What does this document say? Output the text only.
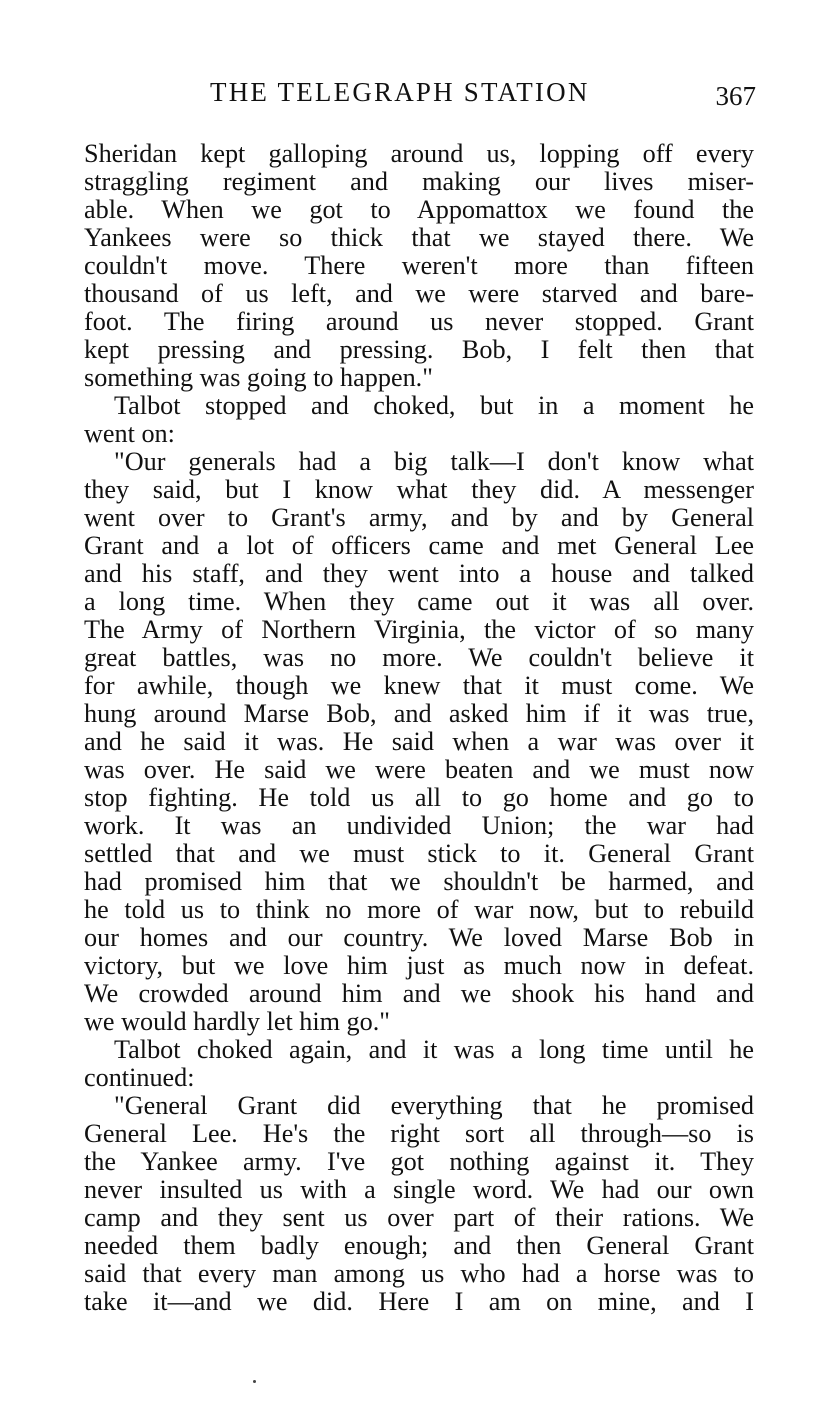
THE TELEGRAPH STATION	367
Sheridan kept galloping around us, lopping off every
straggling regiment and making our lives miser-
able. When we got to Appomattox we found the
Yankees were so thick that we stayed there. We
couldn't move. There weren't more than fifteen
thousand of us left, and we were starved and bare-
foot. The firing around us never stopped. Grant
kept pressing and pressing. Bob, I felt then that
something was going to happen."
Talbot stopped and choked, but in a moment he
went on:
"Our generals had a big talk—I don't know what
they said, but I know what they did. A messenger
went over to Grant's army, and by and by General
Grant and a lot of officers came and met General Lee
and his staff, and they went into a house and talked
a long time. When they came out it was all over.
The Army of Northern Virginia, the victor of so many
great battles, was no more. We couldn't believe it
for awhile, though we knew that it must come. We
hung around Marse Bob, and asked him if it was true,
and he said it was. He said when a war was over it
was over. He said we were beaten and we must now
stop fighting. He told us all to go home and go to
work. It was an undivided Union; the war had
settled that and we must stick to it. General Grant
had promised him that we shouldn't be harmed, and
he told us to think no more of war now, but to rebuild
our homes and our country. We loved Marse Bob in
victory, but we love him just as much now in defeat.
We crowded around him and we shook his hand and
we would hardly let him go."
Talbot choked again, and it was a long time until he
continued:
"General Grant did everything that he promised
General Lee. He's the right sort all through—so is
the Yankee army. I've got nothing against it. They
never insulted us with a single word. We had our own
camp and they sent us over part of their rations. We
needed them badly enough; and then General Grant
said that every man among us who had a horse was to
take it—and we did. Here I am on mine, and I
